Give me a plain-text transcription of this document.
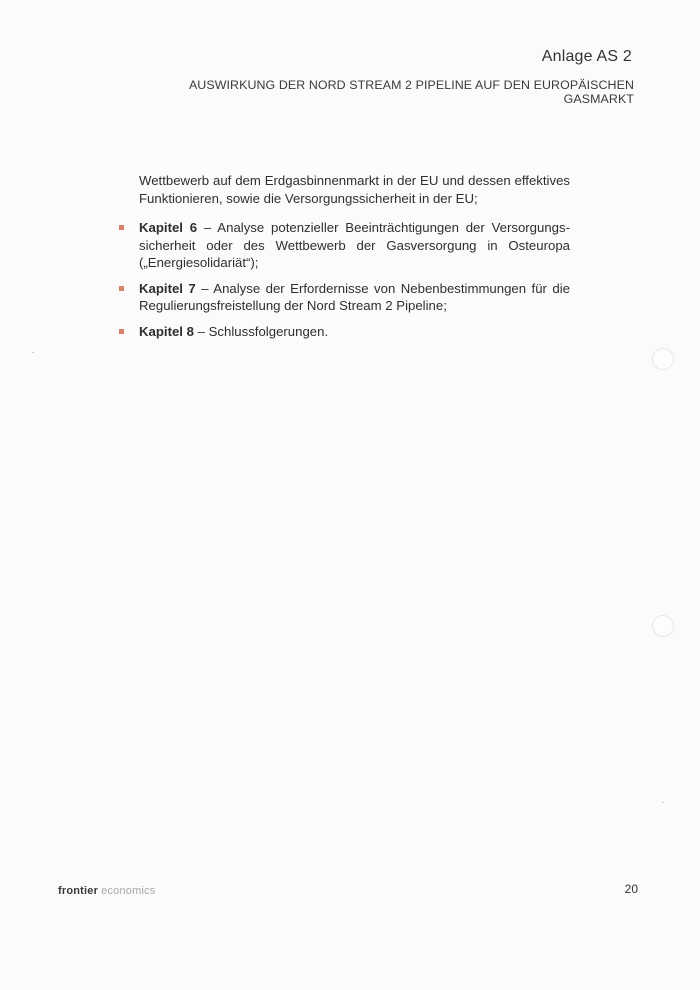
Anlage AS 2
AUSWIRKUNG DER NORD STREAM 2 PIPELINE AUF DEN EUROPÄISCHEN GASMARKT

Wettbewerb auf dem Erdgasbinnenmarkt in der EU und dessen effektives Funktionieren, sowie die Versorgungssicherheit in der EU;

Kapitel 6 – Analyse potenzieller Beeinträchtigungen der Versorgungs-sicherheit oder des Wettbewerb der Gasversorgung in Osteuropa („Energiesolidariät“);
Kapitel 7 – Analyse der Erfordernisse von Nebenbestimmungen für die Regulierungsfreistellung der Nord Stream 2 Pipeline;
Kapitel 8 – Schlussfolgerungen.
frontier economics	20
